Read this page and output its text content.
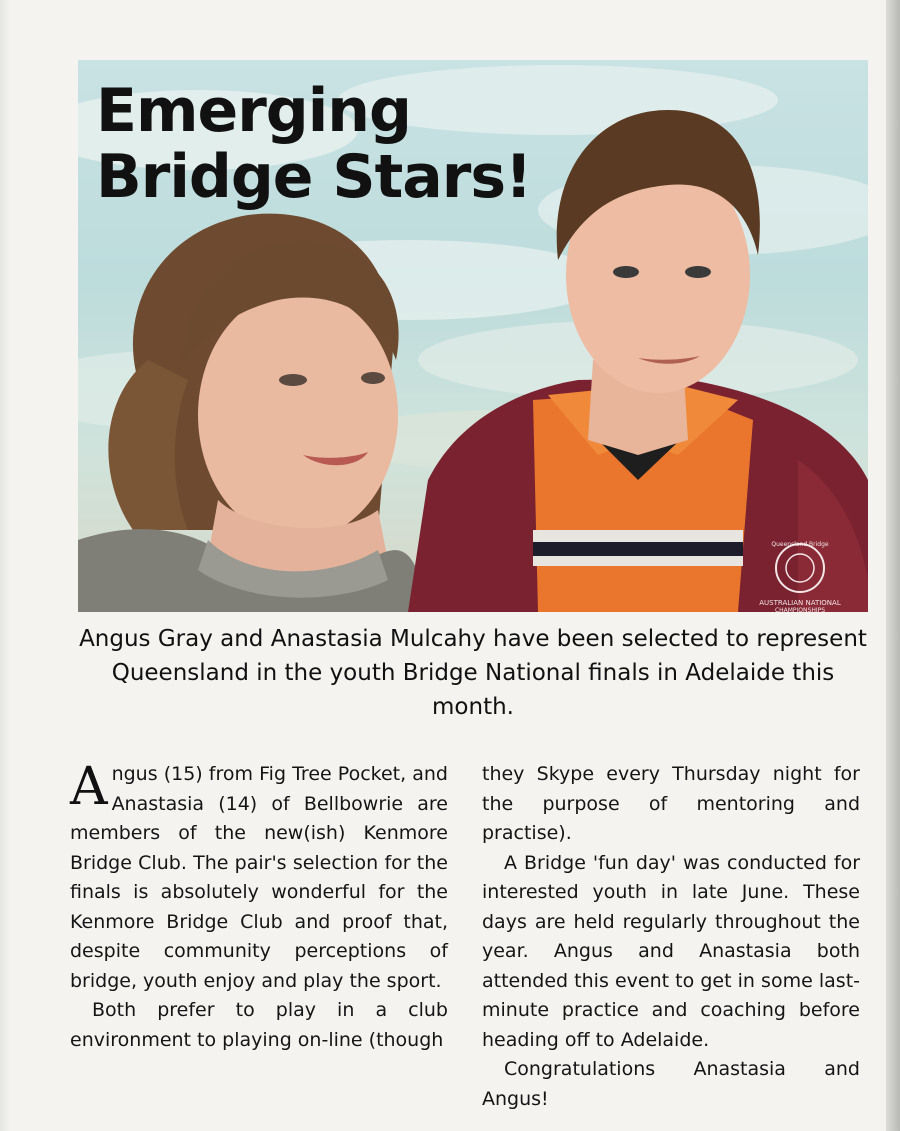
Queensland Bridge
AUSTRALIAN NATIONAL
CHAMPIONSHIPS
Emerging
Bridge Stars!

Angus Gray and Anastasia Mulcahy have been selected to represent Queensland in the youth Bridge National finals in Adelaide this month.

Angus (15) from Fig Tree Pocket, and Anastasia (14) of Bellbowrie are members of the new(ish) Kenmore Bridge Club. The pair's selection for the finals is absolutely wonderful for the Kenmore Bridge Club and proof that, despite community perceptions of bridge, youth enjoy and play the sport.

Both prefer to play in a club environment to playing on-line (though

they Skype every Thursday night for the purpose of mentoring and practise).

A Bridge 'fun day' was conducted for interested youth in late June. These days are held regularly throughout the year. Angus and Anastasia both attended this event to get in some last-minute practice and coaching before heading off to Adelaide.

Congratulations Anastasia and Angus!
